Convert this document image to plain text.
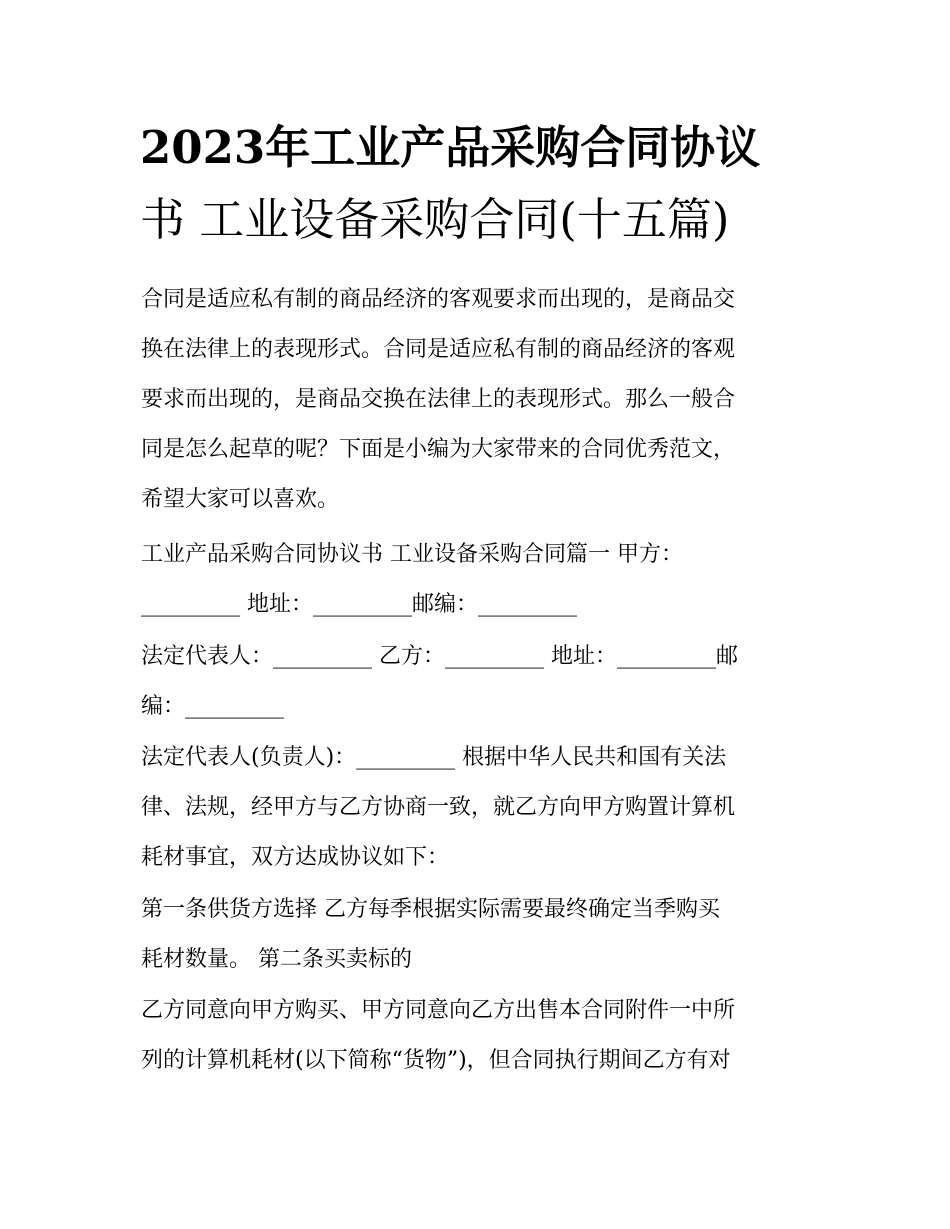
2023年工业产品采购合同协议
书 工业设备采购合同(十五篇)

合同是适应私有制的商品经济的客观要求而出现的，是商品交
换在法律上的表现形式。合同是适应私有制的商品经济的客观
要求而出现的，是商品交换在法律上的表现形式。那么一般合
同是怎么起草的呢？下面是小编为大家带来的合同优秀范文，
希望大家可以喜欢。

工业产品采购合同协议书 工业设备采购合同篇一 甲方：
_________ 地址：_________邮编：_________

法定代表人：_________ 乙方：_________ 地址：_________邮
编：_________

法定代表人(负责人)：_________ 根据中华人民共和国有关法
律、法规，经甲方与乙方协商一致，就乙方向甲方购置计算机
耗材事宜，双方达成协议如下：

第一条供货方选择 乙方每季根据实际需要最终确定当季购买
耗材数量。 第二条买卖标的

乙方同意向甲方购买、甲方同意向乙方出售本合同附件一中所
列的计算机耗材(以下简称“货物”)，但合同执行期间乙方有对
